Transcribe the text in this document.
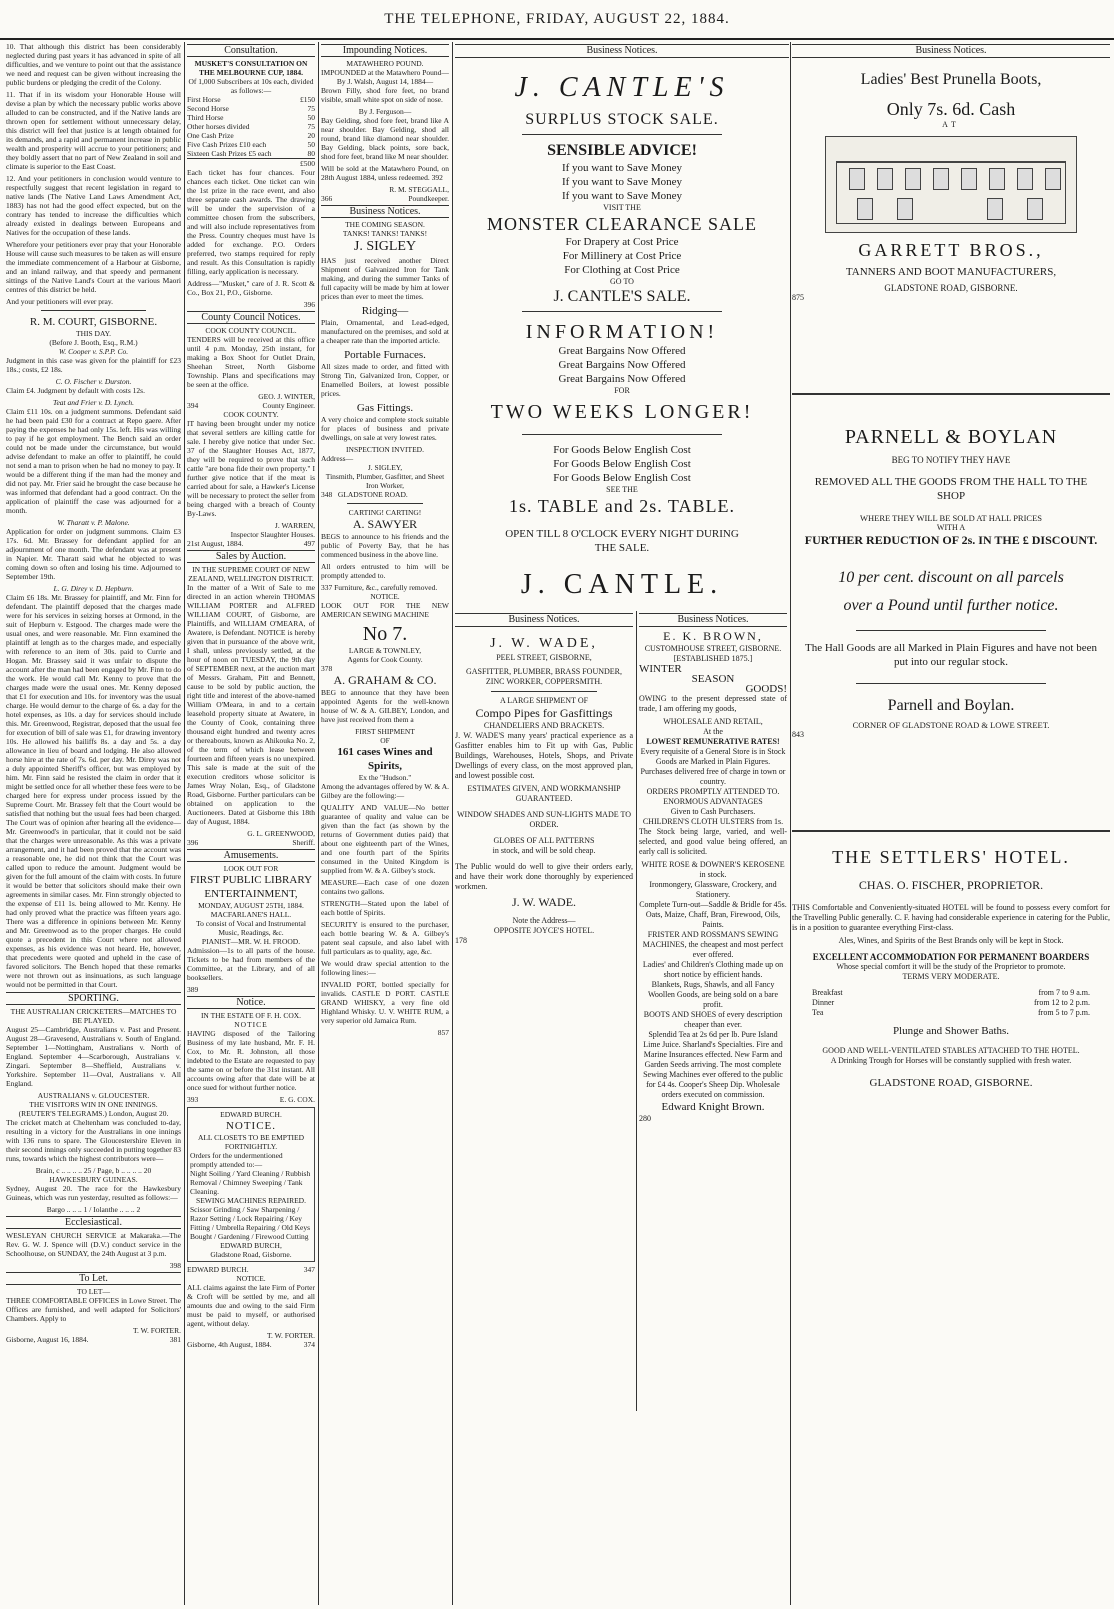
THE TELEPHONE, FRIDAY, AUGUST 22, 1884.

10. That although this district has been considerably neglected during past years it has advanced in spite of all difficulties, and we venture to point out that the assistance we need and request can be given without increasing the public burdens or pledging the credit of the Colony.

11. That if in its wisdom your Honorable House will devise a plan by which the necessary public works above alluded to can be constructed, and if the Native lands are thrown open for settlement without unnecessary delay, this district will feel that justice is at length obtained for its demands, and a rapid and permanent increase in public wealth and prosperity will accrue to your petitioners; and they boldly assert that no part of New Zealand in soil and climate is superior to the East Coast.

12. And your petitioners in conclusion would venture to respectfully suggest that recent legislation in regard to native lands (The Native Land Laws Amendment Act, 1883) has not had the good effect expected, but on the contrary has tended to increase the difficulties which already existed in dealings between Europeans and Natives for the occupation of these lands.

Wherefore your petitioners ever pray that your Honorable House will cause such measures to be taken as will ensure the immediate commencement of a Harbour at Gisborne, and an inland railway, and that speedy and permanent sittings of the Native Land's Court at the various Maori centres of this district be held.

And your petitioners will ever pray.

R. M. COURT, GISBORNE.
THIS DAY.
(Before J. Booth, Esq., R.M.)
W. Cooper v. S.P.P. Co.

Judgment in this case was given for the plaintiff for £23 18s.; costs, £2 18s.

C. O. Fischer v. Durston.

Claim £4. Judgment by default with costs 12s.

Teat and Frier v. D. Lynch.

Claim £11 10s. on a judgment summons. Defendant said he had been paid £30 for a contract at Repo gaere. After paying the expenses he had only 15s. left. His was willing to pay if he got employment. The Bench said an order could not be made under the circumstance, but would advise defendant to make an offer to plaintiff, he could not send a man to prison when he had no money to pay. It would be a different thing if the man had the money and did not pay. Mr. Frier said he brought the case because he was informed that defendant had a good contract. On the application of plaintiff the case was adjourned for a month.

W. Tharatt v. P. Malone.

Application for order on judgment summons. Claim £3 17s. 6d. Mr. Brassey for defendant applied for an adjournment of one month. The defendant was at present in Napier. Mr. Tharatt said what he objected to was coming down so often and losing his time. Adjourned to September 19th.

L. G. Direy v. D. Hepburn.

Claim £6 18s. Mr. Brassey for plaintiff, and Mr. Finn for defendant. The plaintiff deposed that the charges made were for his services in seizing horses at Ormond, in the suit of Hepburn v. Estgood. The charges made were the usual ones, and were reasonable. Mr. Finn examined the plaintiff at length as to the charges made, and especially with reference to an item of 30s. paid to Currie and Hogan. Mr. Brassey said it was unfair to dispute the account after the man had been engaged by Mr. Finn to do the work. He would call Mr. Kenny to prove that the charges made were the usual ones. Mr. Kenny deposed that £1 for execution and 10s. for inventory was the usual charge. He would demur to the charge of 6s. a day for the hotel expenses, as 10s. a day for services should include this. Mr. Greenwood, Registrar, deposed that the usual fee for execution of bill of sale was £1, for drawing inventory 10s. He allowed his bailiffs 8s. a day and 5s. a day allowance in lieu of board and lodging. He also allowed horse hire at the rate of 7s. 6d. per day. Mr. Direy was not a duly appointed Sheriff's officer, but was employed by him. Mr. Finn said he resisted the claim in order that it might be settled once for all whether these fees were to be charged here for express under process issued by the Supreme Court. Mr. Brassey felt that the Court would be satisfied that nothing but the usual fees had been charged. The Court was of opinion after hearing all the evidence—Mr. Greenwood's in particular, that it could not be said that the charges were unreasonable. As this was a private arrangement, and it had been proved that the account was a reasonable one, he did not think that the Court was called upon to reduce the amount. Judgment would be given for the full amount of the claim with costs. In future it would be better that solicitors should make their own agreements in similar cases. Mr. Finn strongly objected to the expense of £11 1s. being allowed to Mr. Kenny. He had only proved what the practice was fifteen years ago. There was a difference in opinions between Mr. Kenny and Mr. Greenwood as to the proper charges. He could quote a precedent in this Court where not allowed expenses, as his evidence was not heard. He, however, that precedents were quoted and upheld in the case of favored solicitors. The Bench hoped that these remarks were not thrown out as insinuations, as such language would not be permitted in that Court.

SPORTING.
THE AUSTRALIAN CRICKETERS—MATCHES TO BE PLAYED.

August 25—Cambridge, Australians v. Past and Present. August 28—Gravesend, Australians v. South of England. September 1—Nottingham, Australians v. North of England. September 4—Scarborough, Australians v. Zingari. September 8—Sheffield, Australians v. Yorkshire. September 11—Oval, Australians v. All England.

AUSTRALIANS v. GLOUCESTER.
THE VISITORS WIN IN ONE INNINGS.
(REUTER'S TELEGRAMS.) London, August 20.

The cricket match at Cheltenham was concluded to-day, resulting in a victory for the Australians in one innings with 136 runs to spare. The Gloucestershire Eleven in their second innings only succeeded in putting together 83 runs, towards which the highest contributors were—

Brain, c .. .. .. .. 25 / Page, b .. .. .. .. 20
HAWKESBURY GUINEAS.

Sydney, August 20. The race for the Hawkesbury Guineas, which was run yesterday, resulted as follows:—

Bargo .. .. .. 1 / Iolanthe .. .. .. 2
Ecclesiastical.

WESLEYAN CHURCH SERVICE at Makaraka.—The Rev. G. W. J. Spence will (D.V.) conduct service in the Schoolhouse, on SUNDAY, the 24th August at 3 p.m.

398
To Let.
TO LET—

THREE COMFORTABLE OFFICES in Lowe Street. The Offices are furnished, and well adapted for Solicitors' Chambers. Apply to

T. W. FORTER.
Gisborne, August 16, 1884.	381
Consultation.
MUSKET'S CONSULTATION ON THE MELBOURNE CUP, 1884.
Of 1,000 Subscribers at 10s each, divided as follows:—
First Horse	£150
Second Horse	75
Third Horse	50
Other horses divided	75
One Cash Prize	20
Five Cash Prizes £10 each	50
Sixteen Cash Prizes £5 each	80
£500

Each ticket has four chances. Four chances each ticket. One ticket can win the 1st prize in the race event, and also three separate cash awards. The drawing will be under the supervision of a committee chosen from the subscribers, and will also include representatives from the Press. Country cheques must have 1s added for exchange. P.O. Orders preferred, two stamps required for reply and result. As this Consultation is rapidly filling, early application is necessary.

Address—"Musket," care of J. R. Scott & Co., Box 21, P.O., Gisborne.

396
County Council Notices.
COOK COUNTY COUNCIL.

TENDERS will be received at this office until 4 p.m. Monday, 25th instant, for making a Box Shoot for Outlet Drain, Sheehan Street, North Gisborne Township. Plans and specifications may be seen at the office.

GEO. J. WINTER,
394	County Engineer.
COOK COUNTY.

IT having been brought under my notice that several settlers are killing cattle for sale. I hereby give notice that under Sec. 37 of the Slaughter Houses Act, 1877, they will be required to prove that such cattle "are bona fide their own property." I further give notice that if the meat is carried about for sale, a Hawker's License will be necessary to protect the seller from being charged with a breach of County By-Laws.

J. WARREN,
Inspector Slaughter Houses.
21st August, 1884.	497
Sales by Auction.
IN THE SUPREME COURT OF NEW ZEALAND, WELLINGTON DISTRICT.

In the matter of a Writ of Sale to me directed in an action wherein THOMAS WILLIAM PORTER and ALFRED WILLIAM COURT, of Gisborne, are Plaintiffs, and WILLIAM O'MEARA, of Awatere, is Defendant. NOTICE is hereby given that in pursuance of the above writ, I shall, unless previously settled, at the hour of noon on TUESDAY, the 9th day of SEPTEMBER next, at the auction mart of Messrs. Graham, Pitt and Bennett, cause to be sold by public auction, the right title and interest of the above-named William O'Meara, in and to a certain leasehold property situate at Awatere, in the County of Cook, containing three thousand eight hundred and twenty acres or thereabouts, known as Ahikouka No. 2, of the term of which lease between fourteen and fifteen years is no unexpired. This sale is made at the suit of the execution creditors whose solicitor is James Wray Nolan, Esq., of Gladstone Road, Gisborne. Further particulars can be obtained on application to the Auctioneers. Dated at Gisborne this 18th day of August, 1884.

G. L. GREENWOOD,
396	Sheriff.
Amusements.
LOOK OUT FOR
FIRST PUBLIC LIBRARY ENTERTAINMENT,
MONDAY, AUGUST 25TH, 1884.
MACFARLANE'S HALL.
To consist of Vocal and Instrumental Music, Readings, &c.
PIANIST—MR. W. H. FROOD.

Admission—1s to all parts of the house. Tickets to be had from members of the Committee, at the Library, and of all booksellers.

389
Notice.
IN THE ESTATE OF F. H. COX.
NOTICE

HAVING disposed of the Tailoring Business of my late husband, Mr. F. H. Cox, to Mr. R. Johnston, all those indebted to the Estate are requested to pay the same on or before the 31st instant. All accounts owing after that date will be at once sued for without further notice.

393	E. G. COX.
EDWARD BURCH.
NOTICE.
ALL CLOSETS TO BE EMPTIED FORTNIGHTLY.
Orders for the undermentioned promptly attended to:—
Night Soiling / Yard Cleaning / Rubbish Removal / Chimney Sweeping / Tank Cleaning.
SEWING MACHINES REPAIRED.
Scissor Grinding / Saw Sharpening / Razor Setting / Lock Repairing / Key Fitting / Umbrella Repairing / Old Keys Bought / Gardening / Firewood Cutting
EDWARD BURCH,
Gladstone Road, Gisborne.
EDWARD BURCH.	347
NOTICE.

ALL claims against the late Firm of Porter & Croft will be settled by me, and all amounts due and owing to the said Firm must be paid to myself, or authorised agent, without delay.

T. W. FORTER.
Gisborne, 4th August, 1884.	374
Impounding Notices.
MATAWHERO POUND.
IMPOUNDED at the Matawhero Pound—
By J. Walsh, August 14, 1884—

Brown Filly, shod fore feet, no brand visible, small white spot on side of nose.

By J. Ferguson—

Bay Gelding, shod fore feet, brand like A near shoulder. Bay Gelding, shod all round, brand like diamond near shoulder. Bay Gelding, black points, sore back, shod fore feet, brand like M near shoulder.

Will be sold at the Matawhero Pound, on 28th August 1884, unless redeemed. 392

R. M. STEGGALL,
366	Poundkeeper.
Business Notices.
THE COMING SEASON.
TANKS! TANKS! TANKS!
J. SIGLEY

HAS just received another Direct Shipment of Galvanized Iron for Tank making, and during the summer Tanks of full capacity will be made by him at lower prices than ever to meet the times.

Ridging—

Plain, Ornamental, and Lead-edged, manufactured on the premises, and sold at a cheaper rate than the imported article.

Portable Furnaces.

All sizes made to order, and fitted with Strong Tin, Galvanized Iron, Copper, or Enamelled Boilers, at lowest possible prices.

Gas Fittings.

A very choice and complete stock suitable for places of business and private dwellings, on sale at very lowest rates.

INSPECTION INVITED.
Address—
J. SIGLEY,
Tinsmith, Plumber, Gasfitter, and Sheet Iron Worker,
348 GLADSTONE ROAD.
CARTING! CARTING!
A. SAWYER

BEGS to announce to his friends and the public of Poverty Bay, that he has commenced business in the above line.

All orders entrusted to him will be promptly attended to.

337 Furniture, &c., carefully removed.
NOTICE.

LOOK OUT FOR THE NEW AMERICAN SEWING MACHINE

No 7.
LARGE & TOWNLEY,
Agents for Cook County.
378
A. GRAHAM & CO.

BEG to announce that they have been appointed Agents for the well-known house of W. & A. GILBEY, London, and have just received from them a

FIRST SHIPMENT
OF
161 cases Wines and Spirits,
Ex the "Hudson."

Among the advantages offered by W. & A. Gilbey are the following:—

QUALITY AND VALUE—No better guarantee of quality and value can be given than the fact (as shown by the returns of Government duties paid) that about one eighteenth part of the Wines, and one fourth part of the Spirits consumed in the United Kingdom is supplied from W. & A. Gilbey's stock.

MEASURE—Each case of one dozen contains two gallons.

STRENGTH—Stated upon the label of each bottle of Spirits.

SECURITY is ensured to the purchaser, each bottle bearing W. & A. Gilbey's patent seal capsule, and also label with full particulars as to quality, age, &c.

We would draw special attention to the following lines:—

INVALID PORT, bottled specially for invalids. CASTLE D PORT. CASTLE GRAND WHISKY, a very fine old Highland Whisky. U. V. WHITE RUM, a very superior old Jamaica Rum.

857
Business Notices.
J. CANTLE'S
SURPLUS STOCK SALE.
SENSIBLE ADVICE!
If you want to Save Money
If you want to Save Money
If you want to Save Money
VISIT THE
MONSTER CLEARANCE SALE
For Drapery at Cost Price
For Millinery at Cost Price
For Clothing at Cost Price
GO TO
J. CANTLE'S SALE.
INFORMATION!
Great Bargains Now Offered
Great Bargains Now Offered
Great Bargains Now Offered
FOR
TWO WEEKS LONGER!
For Goods Below English Cost
For Goods Below English Cost
For Goods Below English Cost
SEE THE
1s. TABLE and 2s. TABLE.
OPEN TILL 8 O'CLOCK EVERY NIGHT DURING THE SALE.
J. CANTLE.
Business Notices.
J. W. WADE,
PEEL STREET, GISBORNE,
GASFITTER, PLUMBER, BRASS FOUNDER, ZINC WORKER, COPPERSMITH.
A LARGE SHIPMENT OF
Compo Pipes for Gasfittings
CHANDELIERS AND BRACKETS.

J. W. WADE'S many years' practical experience as a Gasfitter enables him to Fit up with Gas, Public Buildings, Warehouses, Hotels, Shops, and Private Dwellings of every class, on the most approved plan, and lowest possible cost.

ESTIMATES GIVEN, AND WORKMANSHIP GUARANTEED.
WINDOW SHADES AND SUN-LIGHTS MADE TO ORDER.
GLOBES OF ALL PATTERNS
in stock, and will be sold cheap.

The Public would do well to give their orders early, and have their work done thoroughly by experienced workmen.

J. W. WADE.
Note the Address—
OPPOSITE JOYCE'S HOTEL.
178
Business Notices.
E. K. BROWN,
CUSTOMHOUSE STREET, GISBORNE.
[ESTABLISHED 1875.]
WINTER
SEASON
GOODS!

OWING to the present depressed state of trade, I am offering my goods,

WHOLESALE AND RETAIL,
At the
LOWEST REMUNERATIVE RATES!
Every requisite of a General Store is in Stock
Goods are Marked in Plain Figures.
Purchases delivered free of charge in town or country.
ORDERS PROMPTLY ATTENDED TO.
ENORMOUS ADVANTAGES
Given to Cash Purchasers.
CHILDREN'S CLOTH ULSTERS from 1s.

The Stock being large, varied, and well-selected, and good value being offered, an early call is solicited.

WHITE ROSE & DOWNER'S KEROSENE in stock.
Ironmongery, Glassware, Crockery, and Stationery.
Complete Turn-out—Saddle & Bridle for 45s.
Oats, Maize, Chaff, Bran, Firewood, Oils, Paints.
FRISTER AND ROSSMAN'S SEWING MACHINES, the cheapest and most perfect ever offered.
Ladies' and Children's Clothing made up on short notice by efficient hands.
Blankets, Rugs, Shawls, and all Fancy Woollen Goods, are being sold on a bare profit.
BOOTS AND SHOES of every description cheaper than ever.
Splendid Tea at 2s 6d per lb. Pure Island Lime Juice. Sharland's Specialties. Fire and Marine Insurances effected. New Farm and Garden Seeds arriving. The most complete Sewing Machines ever offered to the public for £4 4s. Cooper's Sheep Dip. Wholesale orders executed on commission.
Edward Knight Brown.
280
Business Notices.
Ladies' Best Prunella Boots,
Only 7s. 6d. Cash
AT
GARRETT BROS.,
TANNERS AND BOOT MANUFACTURERS,
GLADSTONE ROAD, GISBORNE.
875
PARNELL & BOYLAN
BEG TO NOTIFY THEY HAVE
REMOVED ALL THE GOODS FROM THE HALL TO THE SHOP
WHERE THEY WILL BE SOLD AT HALL PRICES
WITH A
FURTHER REDUCTION OF 2s. IN THE £ DISCOUNT.
10 per cent. discount on all parcels
over a Pound until further notice.
The Hall Goods are all Marked in Plain Figures and have not been put into our regular stock.
Parnell and Boylan.
CORNER OF GLADSTONE ROAD & LOWE STREET.
843
THE SETTLERS' HOTEL.
CHAS. O. FISCHER, PROPRIETOR.

THIS Comfortable and Conveniently-situated HOTEL will be found to possess every comfort for the Travelling Public generally. C. F. having had considerable experience in catering for the Public, is in a position to guarantee everything First-class.

Ales, Wines, and Spirits of the Best Brands only will be kept in Stock.
EXCELLENT ACCOMMODATION FOR PERMANENT BOARDERS
Whose special comfort it will be the study of the Proprietor to promote.
TERMS VERY MODERATE.
Breakfast	from 7 to 9 a.m.
Dinner	from 12 to 2 p.m.
Tea	from 5 to 7 p.m.
Plunge and Shower Baths.
GOOD AND WELL-VENTILATED STABLES ATTACHED TO THE HOTEL.
A Drinking Trough for Horses will be constantly supplied with fresh water.
GLADSTONE ROAD, GISBORNE.
